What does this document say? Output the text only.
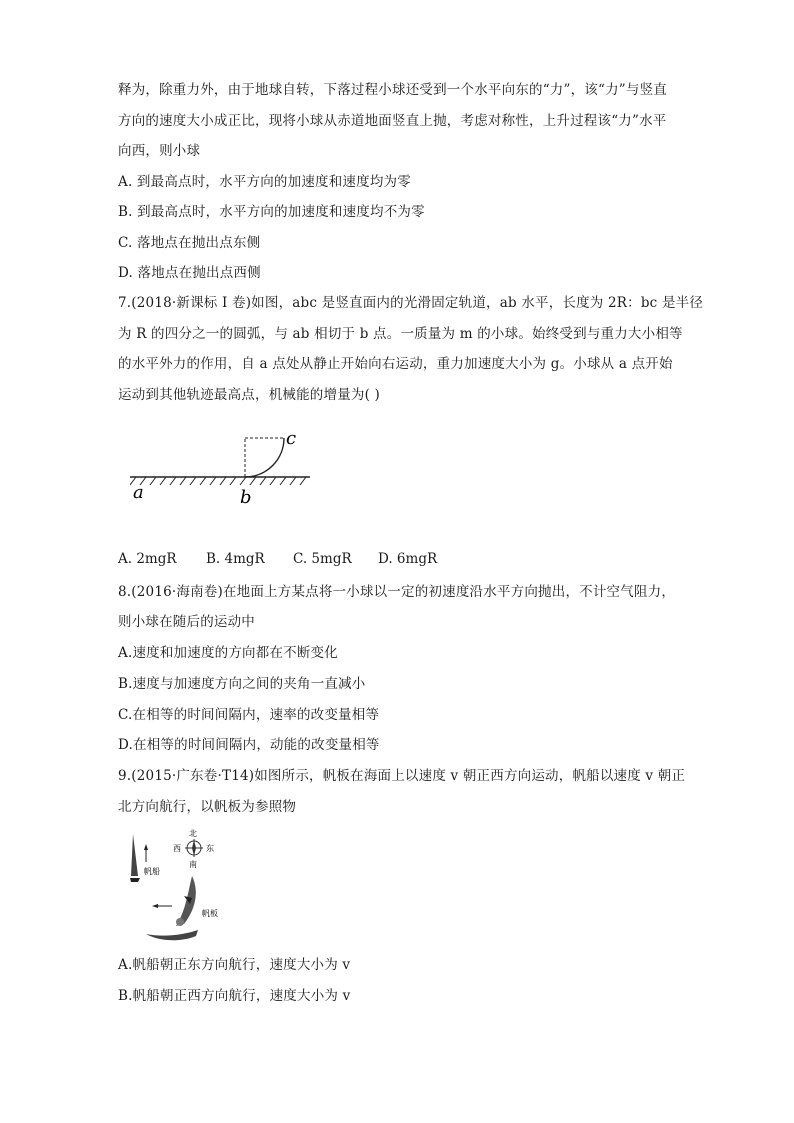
释为，除重力外，由于地球自转，下落过程小球还受到一个水平向东的“力”，该“力”与竖直
方向的速度大小成正比，现将小球从赤道地面竖直上抛，考虑对称性，上升过程该“力”水平
向西，则小球
A. 到最高点时，水平方向的加速度和速度均为零
B. 到最高点时，水平方向的加速度和速度均不为零
C. 落地点在抛出点东侧
D. 落地点在抛出点西侧
7.(2018·新课标 I 卷)如图，abc 是竖直面内的光滑固定轨道，ab 水平，长度为 2R：bc 是半径
为 R 的四分之一的圆弧，与 ab 相切于 b 点。一质量为 m 的小球。始终受到与重力大小相等
的水平外力的作用，自 a 点处从静止开始向右运动，重力加速度大小为 g。小球从 a 点开始
运动到其他轨迹最高点，机械能的增量为( )
a	b
c
A. 2mgR B. 4mgR C. 5mgR D. 6mgR
8.(2016·海南卷)在地面上方某点将一小球以一定的初速度沿水平方向抛出，不计空气阻力，
则小球在随后的运动中
A.速度和加速度的方向都在不断变化
B.速度与加速度方向之间的夹角一直减小
C.在相等的时间间隔内，速率的改变量相等
D.在相等的时间间隔内，动能的改变量相等
9.(2015·广东卷·T14)如图所示，帆板在海面上以速度 v 朝正西方向运动，帆船以速度 v 朝正
北方向航行，以帆板为参照物
北
南
西	东
帆船
帆板
A.帆船朝正东方向航行，速度大小为 v
B.帆船朝正西方向航行，速度大小为 v
